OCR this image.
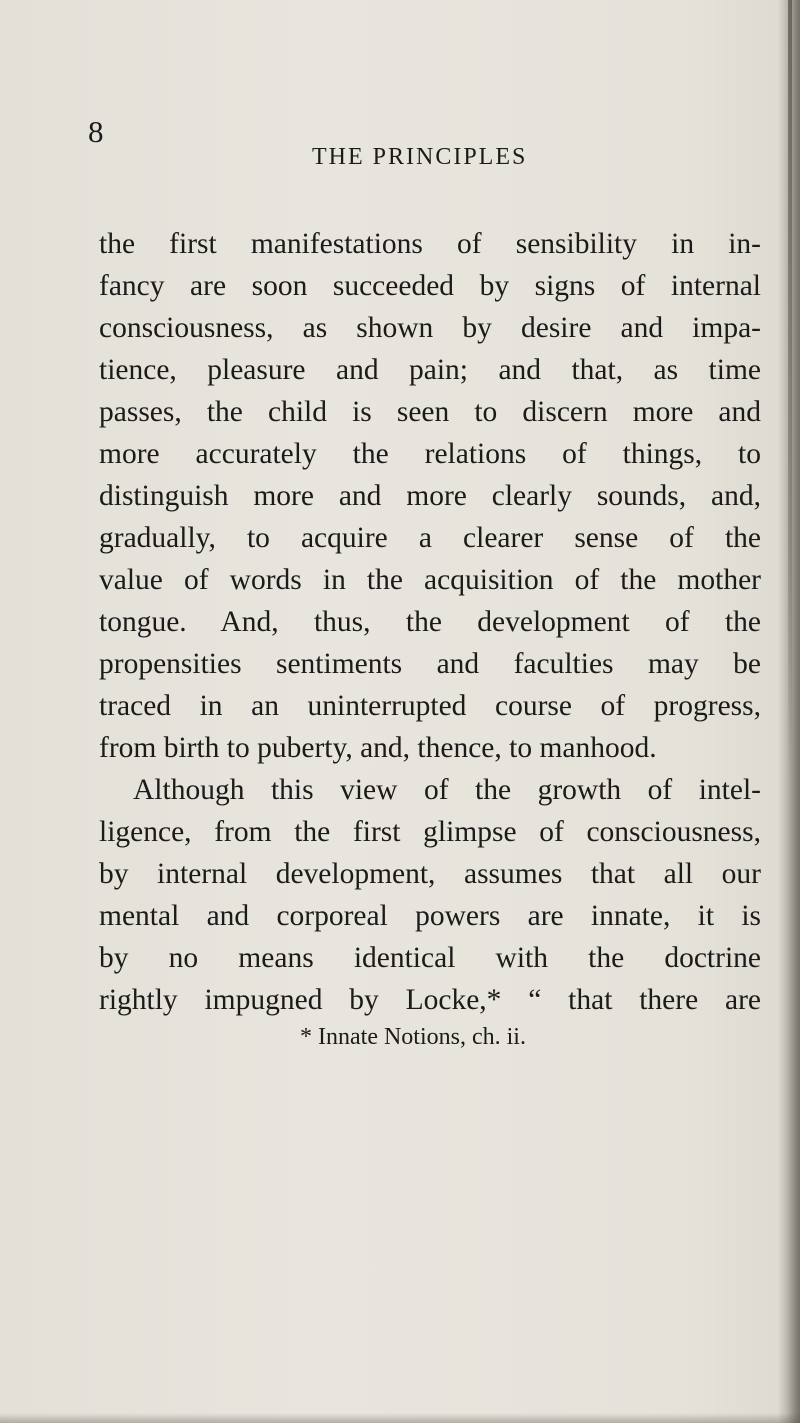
8
THE PRINCIPLES
the first manifestations of sensibility in in-
fancy are soon succeeded by signs of internal
consciousness, as shown by desire and impa-
tience, pleasure and pain; and that, as time
passes, the child is seen to discern more and
more accurately the relations of things, to
distinguish more and more clearly sounds, and,
gradually, to acquire a clearer sense of the
value of words in the acquisition of the mother
tongue. And, thus, the development of the
propensities sentiments and faculties may be
traced in an uninterrupted course of progress,
from birth to puberty, and, thence, to manhood.
Although this view of the growth of intel-
ligence, from the first glimpse of consciousness,
by internal development, assumes that all our
mental and corporeal powers are innate, it is
by no means identical with the doctrine
rightly impugned by Locke,* “ that there are
* Innate Notions, ch. ii.
